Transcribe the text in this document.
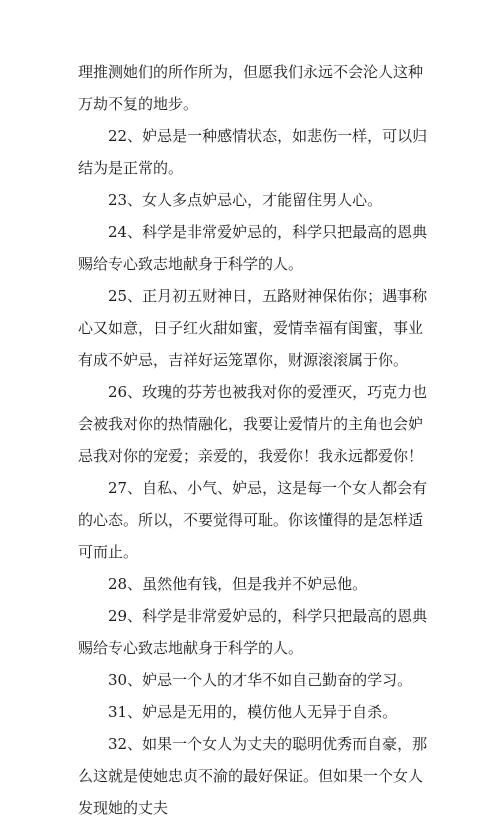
理推测她们的所作所为，但愿我们永远不会沦人这种万劫不复的地步。

22、妒忌是一种感情状态，如悲伤一样，可以归结为是正常的。

23、女人多点妒忌心，才能留住男人心。

24、科学是非常爱妒忌的，科学只把最高的恩典赐给专心致志地献身于科学的人。

25、正月初五财神日，五路财神保佑你；遇事称心又如意，日子红火甜如蜜，爱情幸福有闺蜜，事业有成不妒忌，吉祥好运笼罩你，财源滚滚属于你。

26、玫瑰的芬芳也被我对你的爱湮灭，巧克力也会被我对你的热情融化，我要让爱情片的主角也会妒忌我对你的宠爱；亲爱的，我爱你！我永远都爱你！

27、自私、小气、妒忌，这是每一个女人都会有的心态。所以，不要觉得可耻。你该懂得的是怎样适可而止。

28、虽然他有钱，但是我并不妒忌他。

29、科学是非常爱妒忌的，科学只把最高的恩典赐给专心致志地献身于科学的人。

30、妒忌一个人的才华不如自己勤奋的学习。

31、妒忌是无用的，模仿他人无异于自杀。

32、如果一个女人为丈夫的聪明优秀而自豪，那么这就是使她忠贞不渝的最好保证。但如果一个女人发现她的丈夫
